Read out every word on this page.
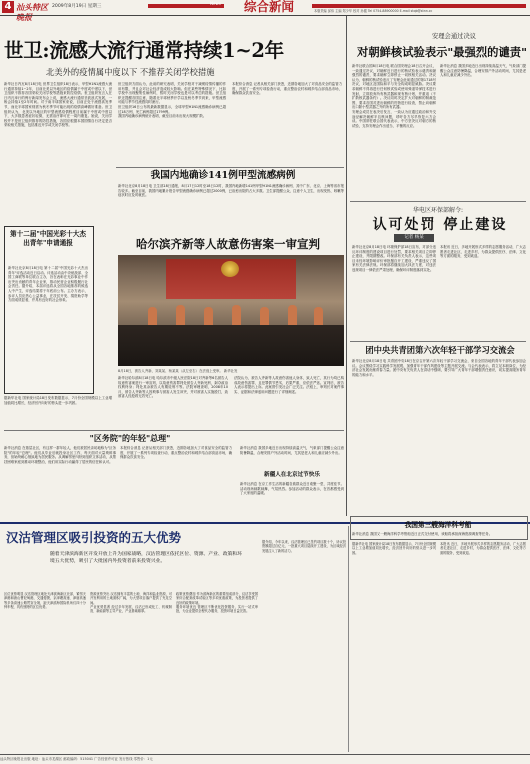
4 汕头特区晚报
2009年8月19日 星期三
News	综合新闻	本版责编 邱伟 主编 郑少华 校对 孙健 Tel 0754-88900000 E-mail stqb@stnn.cc
世卫:流感大流行通常持续1~2年
北美外的疫情属中度以下 不推荐关闭学校措施
新华社日内瓦8月18日电 世界卫生组织18日表示，甲型H1N1流感大流行通常持续1~2年，目前北美以外地区的疫情属于中度或中度以下，世卫组织不推荐各国采取关闭学校等措施来防控疫情。世卫组织发言人在日内瓦举行的例行新闻发布会上说，流感大流行通常呈波浪式发展，一般会持续1至2年时间。对于南半球国家来说，目前正处于流感高发季节，而北半球国家则需为秋冬季节可能出现的疫情高峰做好准备。世卫组织认为，北美以外地区的甲型流感疫情程度目前属于中度或中度以下，大多数患者症状轻微，无需治疗即可在一周内康复。她说，关闭学校并不是世卫组织推荐的防控措施，各国应根据本国国情自行决定是否采取相关措施，包括推迟开学或关闭学校等。
世卫组织方面认为，此前的研究表明，关闭学校对于减缓疫情传播的作用有限，并且会对社会经济造成较大影响。但在某些特殊情况下，比如学校中出现聚集性病例时，暂时关闭学校也是可以考虑的措施。世卫组织还提醒各国注意，随着北半球秋季开学以及秋冬季节到来，甲型流感可能与季节性流感同时流行。
世卫组织16日公布的最新数据显示，全球甲型H1N1流感确诊病例已超过18万例，死亡病例超过1799例。
我国内地确诊病例统计表明，截至目前未出现大规模扩散。
本报综合消息 记者从相关部门获悉，近期各地加大了对食品安全的监管力度，开展了一系列专项检查行动，重点整治农村和城乡结合部食品市场，确保群众饮食安全。
安理会通过决议
对朝鲜核试验表示"最强烈的谴责"
新华社联合国8月18日电 联合国安理会18日召开会议，一致通过决议，对朝鲜近日进行的核试验表示谴责和最强烈的谴责，要求朝鲜立即停止一切核相关活动。决议认为，朝鲜的核试验违反了安理会此前通过的第1718号决议，对地区及国际和平与安全构成明显威胁。决议要求朝鲜不得再进行任何核试验或使用弹道导弹技术进行发射，立即放弃所有核武器和现有核计划，并重返《不扩散核武器条约》。决议同时决定扩大对朝鲜的制裁范围，要求各国对进出朝鲜的货物进行检查，禁止向朝鲜出口除小型武器之外的所有武器。
安理会成员在表决后发言，一致认为应通过政治和外交途径解决朝鲜半岛核问题，呼吁各方尽早恢复六方会谈。中国常驻联合国代表表示，中方坚决反对朝方的核试验，支持安理会作出适当、平衡的反应。
新华社消息 我国多地近日出现持续高温天气，气象部门提醒公众注意防暑降温，合理安排户外活动时间，尤其是老人和儿童应减少外出。
第十二届"中国光彩十大杰出青年"申请通报
新华社北京8月18日电 第十二届"中国光彩十大杰出青年"评选活动近日启动。评选活动由中央统战部、全国工商联等单位联合主办，旨在表彰在光彩事业中作出突出贡献的青年企业家，推动民营企业积极履行社会责任。据介绍，本届评选将从全国各地推荐的候选人中产生，评选结果将于年底前公布。主办方表示，参评人员应热心公益事业，在扶贫开发、捐资助学等方面成绩显著，并具有良好的社会形象。
我国内地确诊141例甲型流感病例
新华社北京8月18日电 卫生部18日通报，8月17日12时至18日12时，我国内地新增141例甲型H1N1流感确诊病例，其中广东、北京、上海等省市报告较多。截至目前，我国内地累计报告甲型流感确诊病例已超过2000例，已治愈出院的占大多数。卫生部提醒公众，注意个人卫生，出现发热、咳嗽等症状时应及时就医。
哈尔滨齐新等人故意伤害案一审宣判
8月18日，被告人齐新、刘某某、杨某某（从左至右）在法庭上受审。 新华社发
新华社哈尔滨8月18日电 哈尔滨市中级人民法院18日对齐新等6名被告人故意伤害案进行一审宣判，以故意伤害罪判处被告人齐新死刑，剥夺政治权利终身；判处其余被告人有期徒刑不等。法院审理查明，2008年10月，被告人齐新等人因琐事与被害人发生冲突，并对被害人实施殴打，致被害人经抢救无效死亡。
法院认为，被告人齐新等人故意伤害他人身体，致人死亡，其行为均已构成故意伤害罪，且犯罪情节恶劣，后果严重，应依法严惩。宣判后，被告人表示将提出上诉。此案曾引发社会广泛关注。法庭上，审判长对案件事实、证据和法律适用问题进行了详细阐述。
据新华社电 国家统计局18日发布数据显示，7月份全国规模以上工业增加值同比增长，经济回升向好的势头进一步巩固。
华电区环保部解令:
认可处罚 停止建设
记者 杨某
新华社北京8月18日电 环境保护部18日宣布，对部分违反环评制度的建设项目进行处罚，要求相关项目立即停止建设，并限期整改。环保部有关负责人表示，这些项目未经环境影响评价审批擅自开工建设，严重违反了国家有关法律法规。环保部将继续加大执法力度，对违法违规项目一律依法严肃处理，确保环评制度落到实处。
本报讯 近日，多地开展形式多样的志愿服务活动，广大志愿者走进社区、走进乡村，为群众提供医疗、法律、文化等方面的服务，受到欢迎。
团中央共青团第六次年轻干部学习交流会
新华社北京8月18日电 共青团中央18日在京召开第六次年轻干部学习交流会，来自全国各地的青年干部代表参加会议。会议围绕学习实践科学发展观、加强青年干部作风建设等主题开展交流。与会代表表示，将立足本职岗位，为经济社会发展贡献青春力量。团中央有关负责人在讲话中强调，要引导广大青年干部增强责任意识，切实提高服务青年的能力和水平。
"区务院"的年轻"总理"
新华社消息 在基层社区，有这样一群年轻人，他们被居民亲切地称为"区务院"的年轻"总理"。他们从毕业后就投身社区工作，每天面对大量琐碎事务，但始终耐心细致地为居民服务。从调解邻里纠纷到组织文体活动，从帮扶困难家庭到推动环境整治，他们用实际行动赢得了居民的信任和认可。
本报综合消息 记者从相关部门获悉，近期各地加大了对食品安全的监管力度，开展了一系列专项检查行动，重点整治农村和城乡结合部食品市场，确保群众饮食安全。
新疆人在北京过节快乐
新华社消息 在京工作生活的新疆各族群众近日欢聚一堂，共度佳节。活动现场载歌载舞，气氛热烈。参加活动的群众表示，在首都感受到了大家庭的温暖。
新华社消息 我国多地近日出现持续高温天气，气象部门提醒公众注意防暑降温，合理安排户外活动时间，尤其是老人和儿童应减少外出。
我国第三艘海洋科考船
新华社消息 我国又一艘海洋科学考察船近日正式交付使用，该船将承担深海资源调查等任务。
汉沽管理区吸引投资的五大优势
随着天津滨海新区开发开放上升为国家战略，汉沽管理区依托区位、资源、产业、政策和环境五大优势，吸引了大批国内外投资者前来投资兴业。
区位优势明显 汉沽管理区地处天津滨海新区北部，紧邻天津港和唐山曹妃甸港，交通便捷，京津塘高速、津唐高速等多条高速公路贯穿全境，距天津滨海国际机场仅四十分钟车程，具有独特的区位优势。
资源优势突出 汉沽拥有丰富的土地、海洋和盐业资源，可开发利用的土地面积广阔，为大型项目落户提供了充足空间。
产业优势显著 经过多年发展，汉沽已形成化工、机械制造、新能源等主导产业，产业基础雄厚。
政策优势叠加 作为滨海新区的重要组成部分，汉沽享受国家综合配套改革试验区等多项优惠政策，为投资者提供了良好的政策环境。
服务环境优良 管理区不断优化投资服务，实行一站式审批，为企业提供全程代办服务，投资环境日益完善。
据介绍，今年以来，汉沽管理区已签约项目数十个，协议投资额超过百亿元，一批重大项目陆续开工建设，为区域经济发展注入了新的活力。
据新华社电 国家统计局18日发布数据显示，7月份全国规模以上工业增加值同比增长，经济回升向好的势头进一步巩固。
本报讯 近日，多地开展形式多样的志愿服务活动，广大志愿者走进社区、走进乡村，为群众提供医疗、法律、文化等方面的服务，受到欢迎。
汕头特区晚报社出版 地址：汕头市龙湖区 邮政编码：515041 广告经营许可证 发行热线 零售价：1元
